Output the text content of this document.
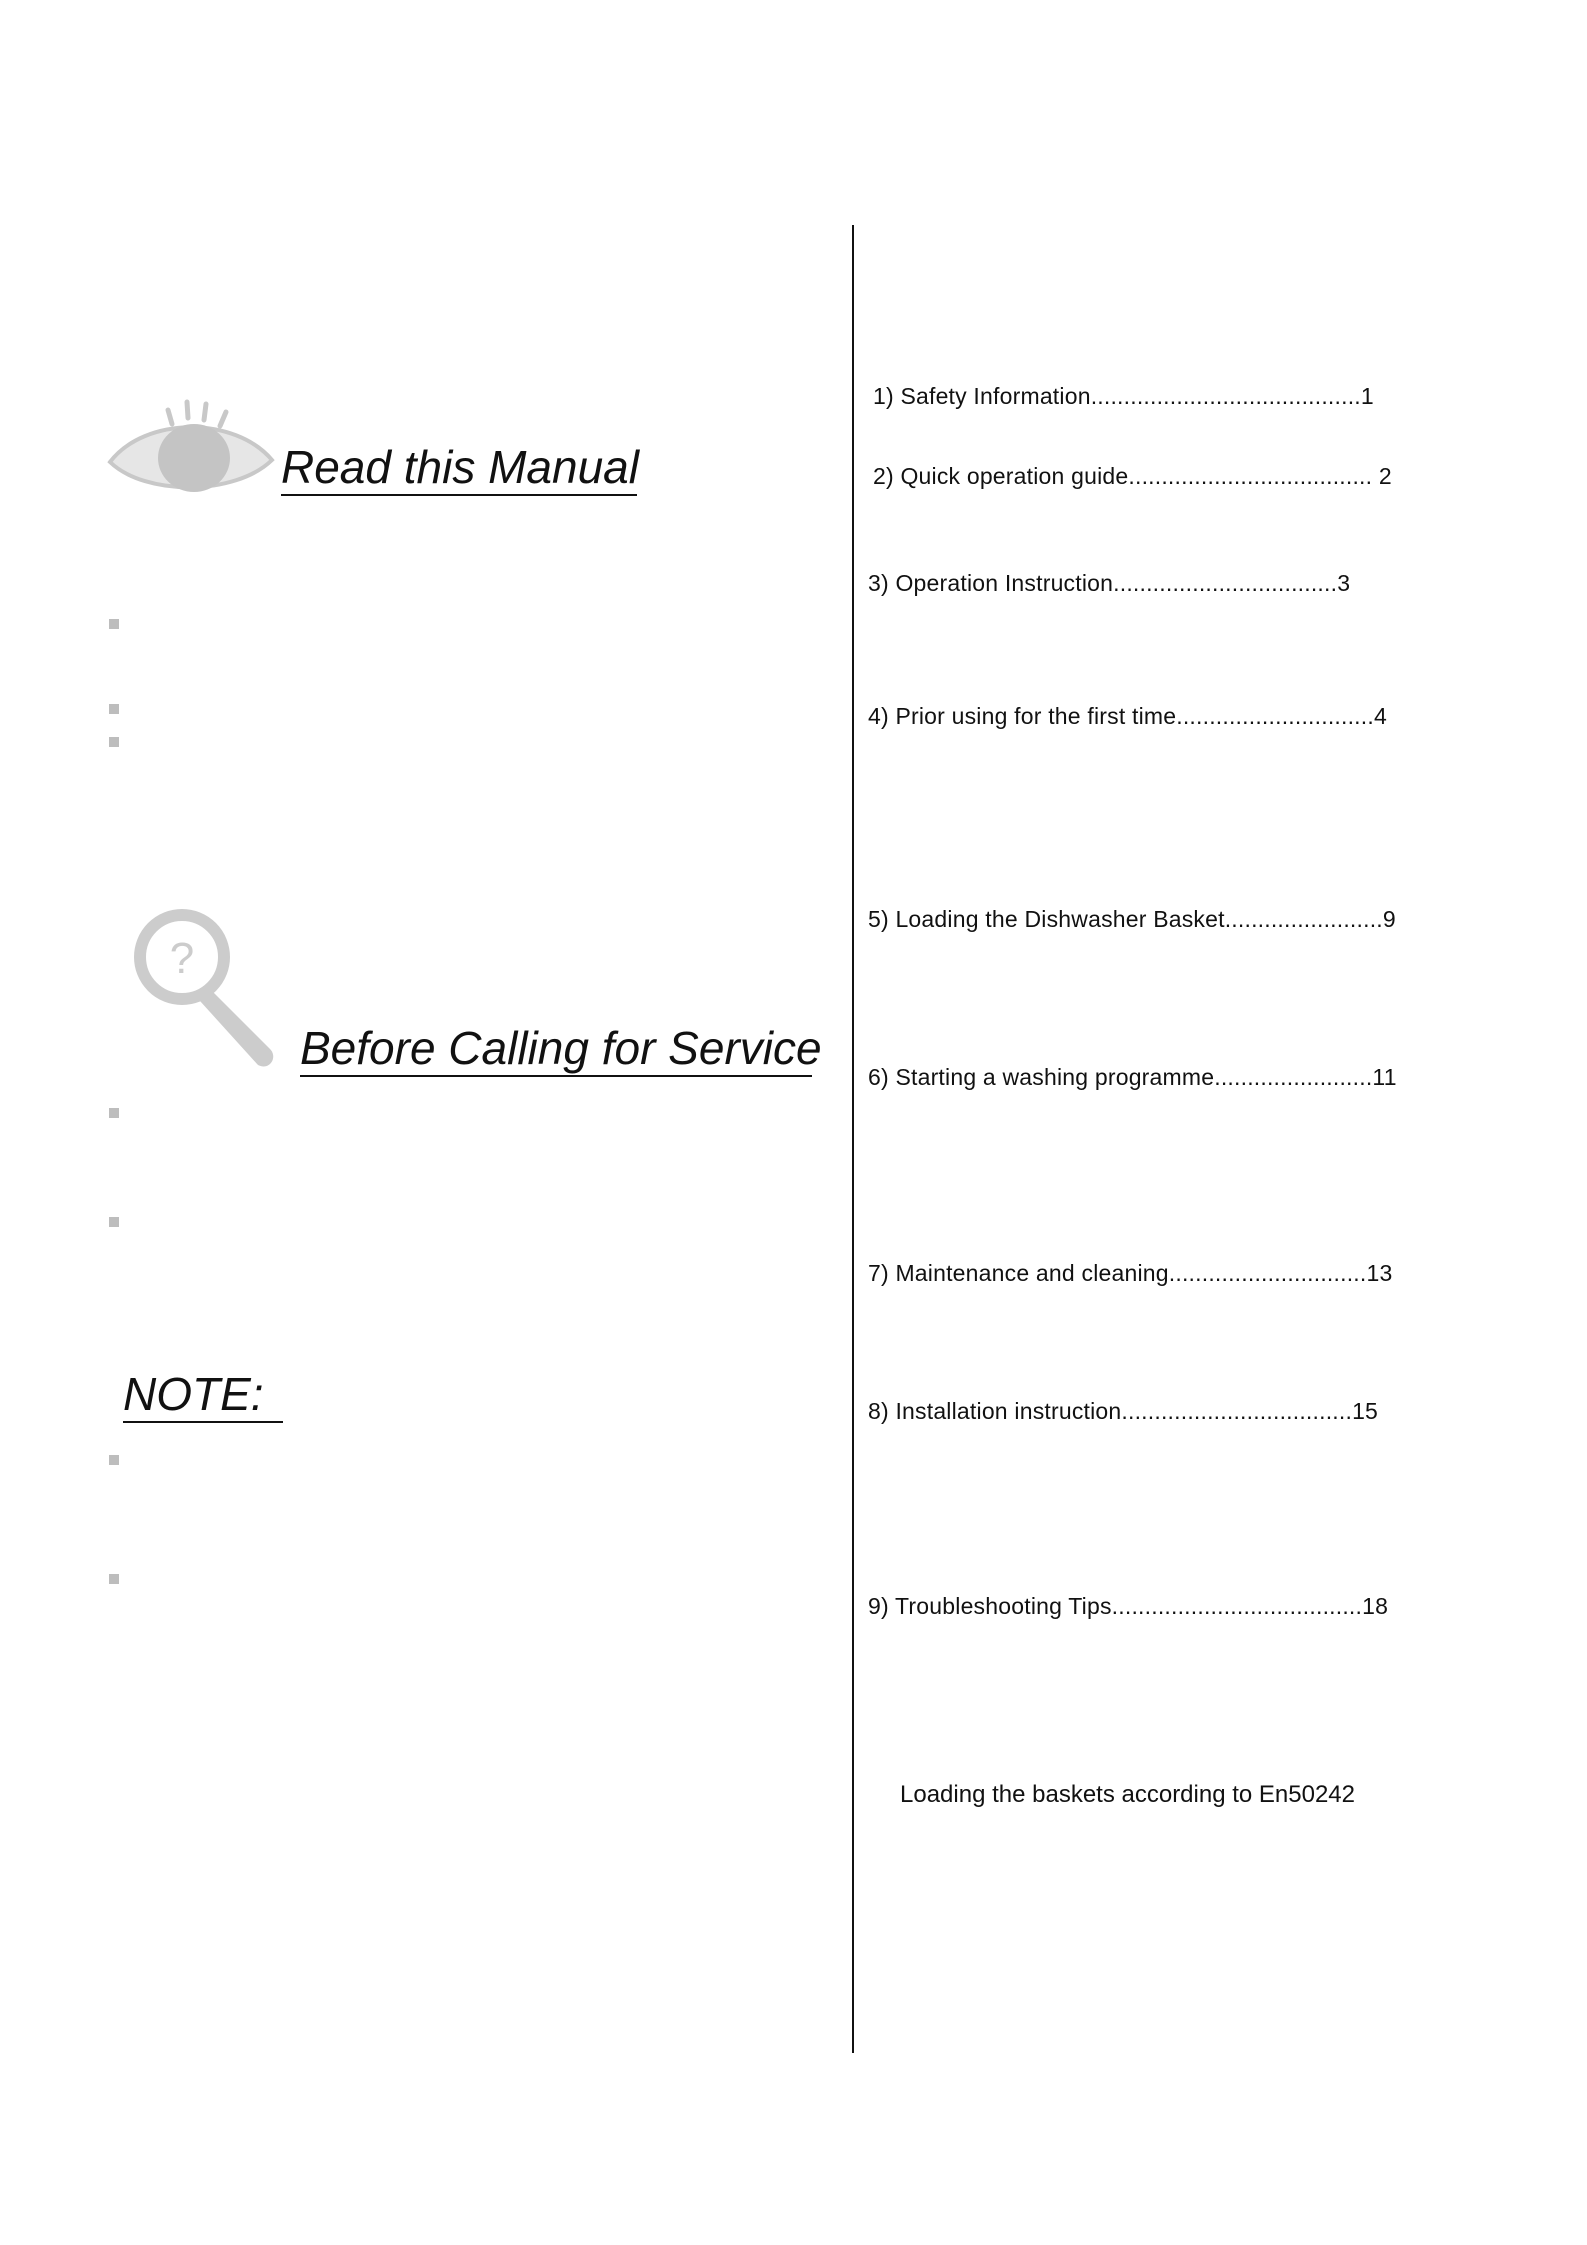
Read this Manual
?
Before Calling for Service
NOTE:
1) Safety Information.........................................1
2) Quick operation guide..................................... 2
3) Operation Instruction..................................3
4) Prior using for the first time..............................4
5) Loading the Dishwasher Basket........................9
6) Starting a washing programme........................11
7) Maintenance and cleaning..............................13
8) Installation instruction...................................15
9) Troubleshooting Tips......................................18
Loading the baskets according to En50242
